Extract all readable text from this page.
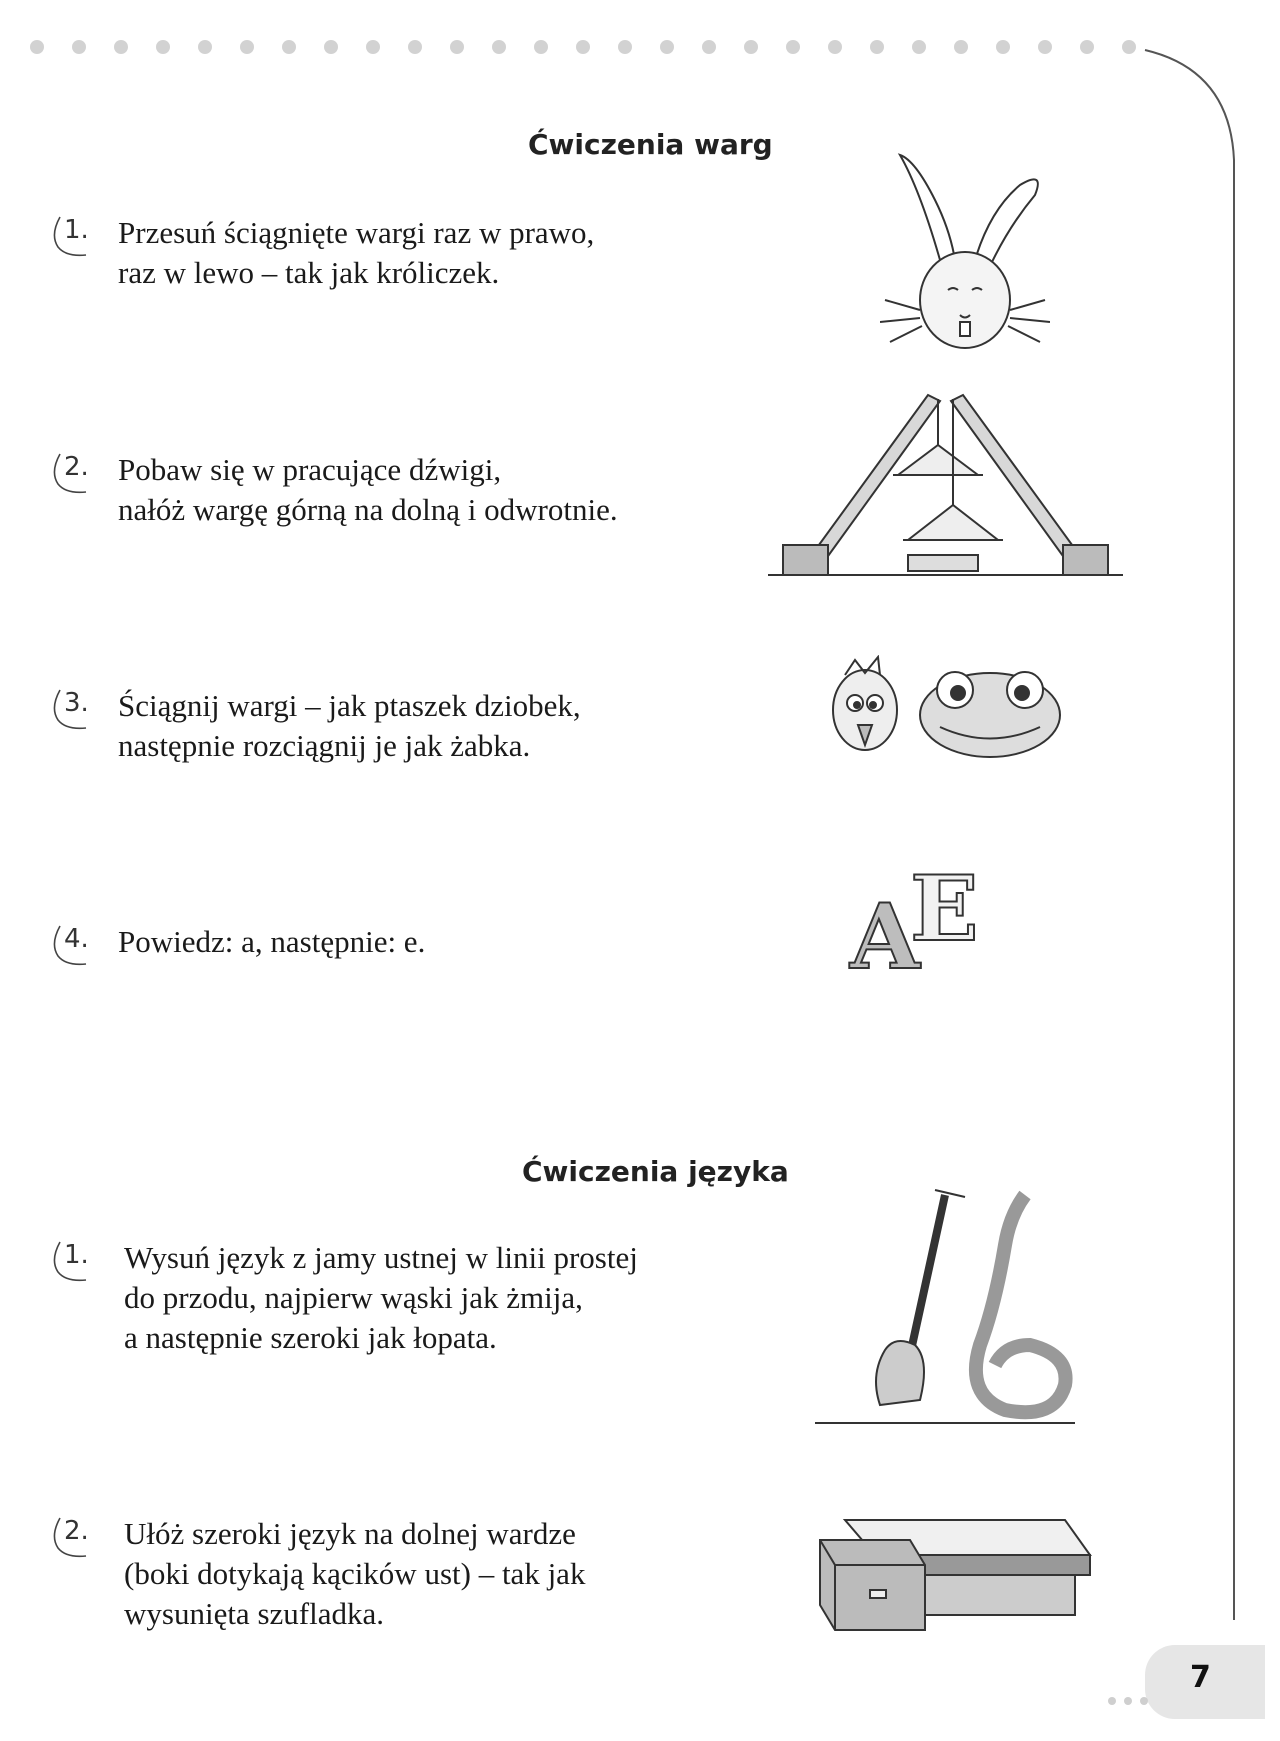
Ćwiczenia warg
1. Przesuń ściągnięte wargi raz w prawo,
raz w lewo – tak jak króliczek.
2. Pobaw się w pracujące dźwigi,
nałóż wargę górną na dolną i odwrotnie.
3. Ściągnij wargi – jak ptaszek dziobek,
następnie rozciągnij je jak żabka.
4. Powiedz: a, następnie: e.	E
A
Ćwiczenia języka
1. Wysuń język z jamy ustnej w linii prostej
do przodu, najpierw wąski jak żmija,
a następnie szeroki jak łopata.
2. Ułóż szeroki język na dolnej wardze
(boki dotykają kącików ust) – tak jak
wysunięta szufladka.
7
